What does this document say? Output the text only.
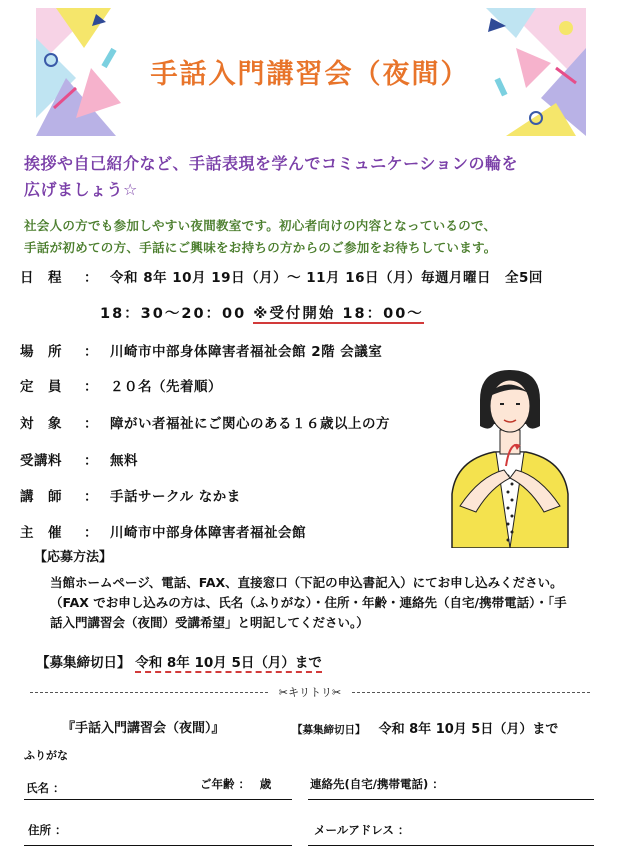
手話入門講習会（夜間）
挨拶や自己紹介など、手話表現を学んでコミュニケーションの輪を
広げましょう☆
社会人の方でも参加しやすい夜間教室です。初心者向けの内容となっているので、
手話が初めての方、手話にご興味をお持ちの方からのご参加をお待ちしています。
日　程 ： 令和 8年 10月 19日（月）～ 11月 16日（月）毎週月曜日　全5回
18：30～20：00 ※受付開始 18：00～
場　所 ： 川崎市中部身体障害者福祉会館 2階 会議室
定　員 ： ２０名（先着順）
対　象 ： 障がい者福祉にご関心のある１６歳以上の方
受講料 ： 無料
講　師 ： 手話サークル なかま
主　催 ： 川崎市中部身体障害者福祉会館
【応募方法】
当館ホームページ、電話、FAX、直接窓口（下記の申込書記入）にてお申し込みください。
（FAX でお申し込みの方は、氏名（ふりがな）・住所・年齢・連絡先（自宅/携帯電話）・「手
話入門講習会（夜間）受講希望」と明記してください。）
【募集締切日】 令和 8年 10月 5日（月）まで
✂キリトリ✂
『手話入門講習会（夜間）』	【募集締切日】 令和 8年 10月 5日（月）まで
ふりがな
氏名 ：	ご年齢 ：　 歳	連絡先(自宅/携帯電話) ：
住所 ：	メールアドレス ：
